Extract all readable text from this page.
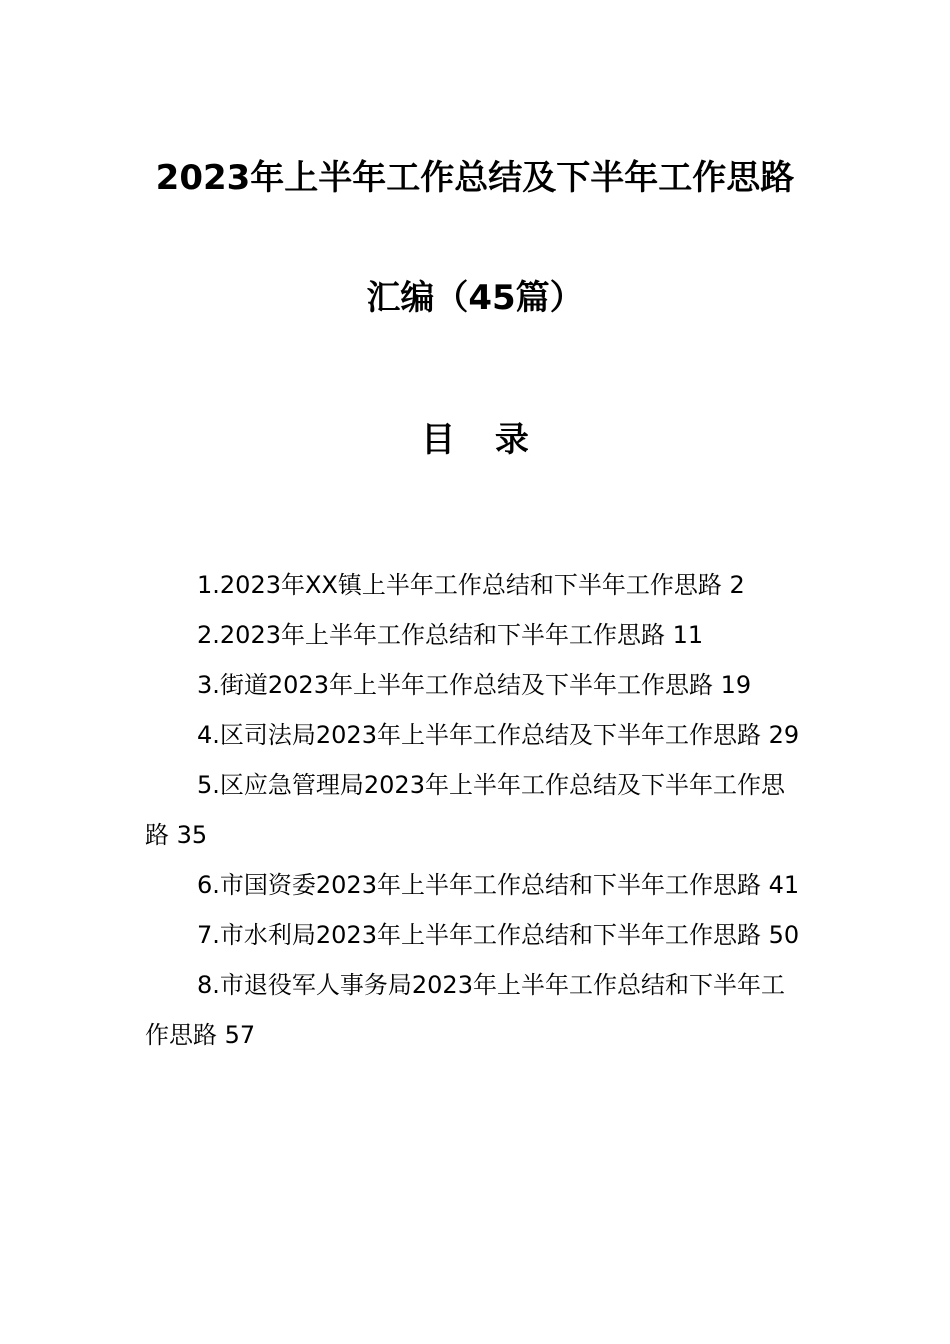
2023年上半年工作总结及下半年工作思路
汇编（45篇）
目 录
1.2023年XX镇上半年工作总结和下半年工作思路 2
2.2023年上半年工作总结和下半年工作思路 11
3.街道2023年上半年工作总结及下半年工作思路 19
4.区司法局2023年上半年工作总结及下半年工作思路 29
5.区应急管理局2023年上半年工作总结及下半年工作思路 35
6.市国资委2023年上半年工作总结和下半年工作思路 41
7.市水利局2023年上半年工作总结和下半年工作思路 50
8.市退役军人事务局2023年上半年工作总结和下半年工作思路 57
